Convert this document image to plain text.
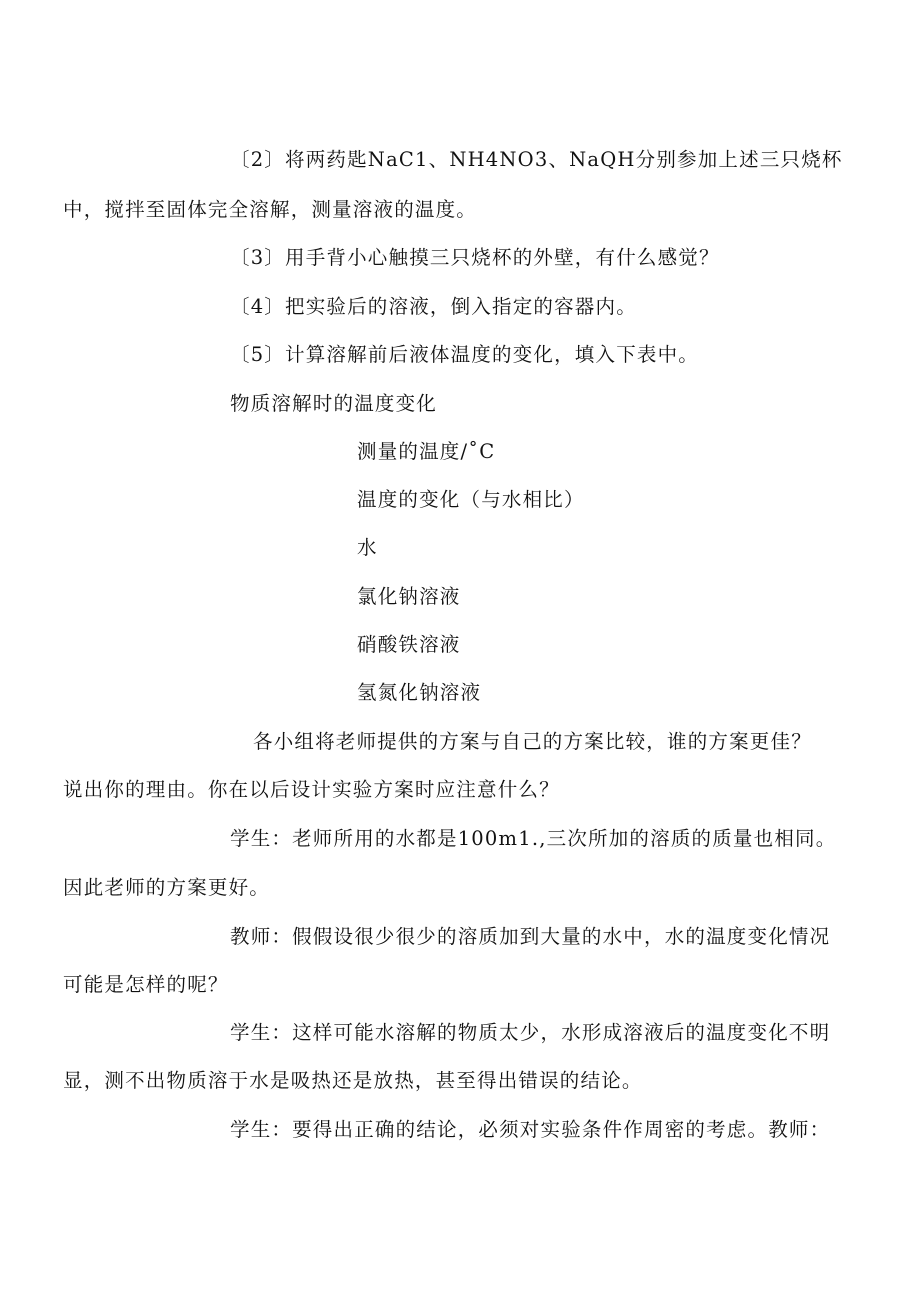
〔2〕将两药匙NaC1、NH4NO3、NaQH分别参加上述三只烧杯
中，搅拌至固体完全溶解，测量溶液的温度。
〔3〕用手背小心触摸三只烧杯的外壁，有什么感觉？
〔4〕把实验后的溶液，倒入指定的容器内。
〔5〕计算溶解前后液体温度的变化，填入下表中。
物质溶解时的温度变化
测量的温度/˚C
温度的变化（与水相比）
水
氯化钠溶液
硝酸铁溶液
氢氮化钠溶液
各小组将老师提供的方案与自己的方案比较，谁的方案更佳？
说出你的理由。你在以后设计实验方案时应注意什么？
学生：老师所用的水都是100m1.,三次所加的溶质的质量也相同。
因此老师的方案更好。
教师：假假设很少很少的溶质加到大量的水中，水的温度变化情况
可能是怎样的呢？
学生：这样可能水溶解的物质太少，水形成溶液后的温度变化不明
显，测不出物质溶于水是吸热还是放热，甚至得出错误的结论。
学生：要得出正确的结论，必须对实验条件作周密的考虑。教师：
